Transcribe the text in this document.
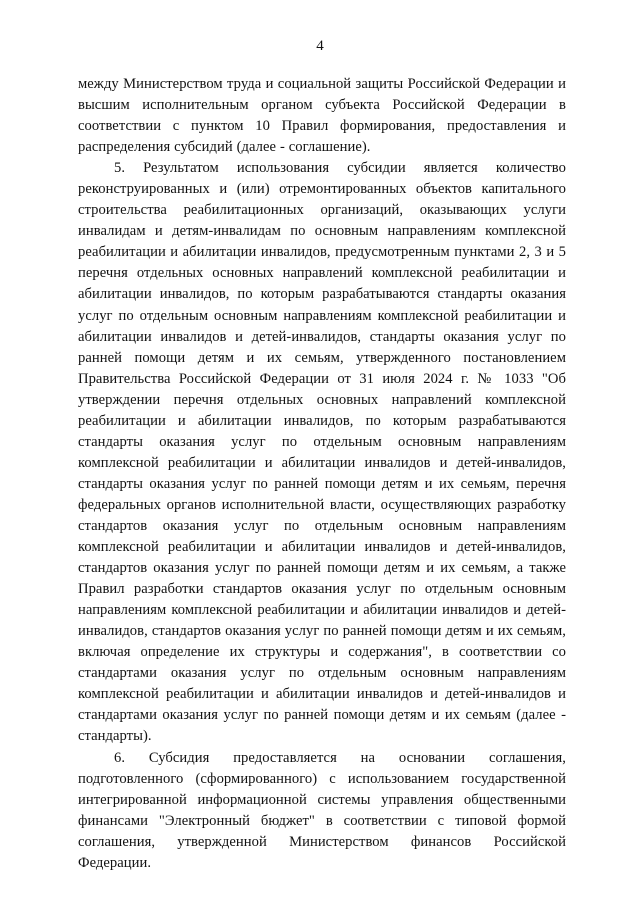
4

между Министерством труда и социальной защиты Российской Федерации и высшим исполнительным органом субъекта Российской Федерации в соответствии с пунктом 10 Правил формирования, предоставления и распределения субсидий (далее - соглашение).

5. Результатом использования субсидии является количество реконструированных и (или) отремонтированных объектов капитального строительства реабилитационных организаций, оказывающих услуги инвалидам и детям-инвалидам по основным направлениям комплексной реабилитации и абилитации инвалидов, предусмотренным пунктами 2, 3 и 5 перечня отдельных основных направлений комплексной реабилитации и абилитации инвалидов, по которым разрабатываются стандарты оказания услуг по отдельным основным направлениям комплексной реабилитации и абилитации инвалидов и детей-инвалидов, стандарты оказания услуг по ранней помощи детям и их семьям, утвержденного постановлением Правительства Российской Федерации от 31 июля 2024 г. № 1033 "Об утверждении перечня отдельных основных направлений комплексной реабилитации и абилитации инвалидов, по которым разрабатываются стандарты оказания услуг по отдельным основным направлениям комплексной реабилитации и абилитации инвалидов и детей-инвалидов, стандарты оказания услуг по ранней помощи детям и их семьям, перечня федеральных органов исполнительной власти, осуществляющих разработку стандартов оказания услуг по отдельным основным направлениям комплексной реабилитации и абилитации инвалидов и детей-инвалидов, стандартов оказания услуг по ранней помощи детям и их семьям, а также Правил разработки стандартов оказания услуг по отдельным основным направлениям комплексной реабилитации и абилитации инвалидов и детей-инвалидов, стандартов оказания услуг по ранней помощи детям и их семьям, включая определение их структуры и содержания", в соответствии со стандартами оказания услуг по отдельным основным направлениям комплексной реабилитации и абилитации инвалидов и детей-инвалидов и стандартами оказания услуг по ранней помощи детям и их семьям (далее - стандарты).

6. Субсидия предоставляется на основании соглашения, подготовленного (сформированного) с использованием государственной интегрированной информационной системы управления общественными финансами "Электронный бюджет" в соответствии с типовой формой соглашения, утвержденной Министерством финансов Российской Федерации.
